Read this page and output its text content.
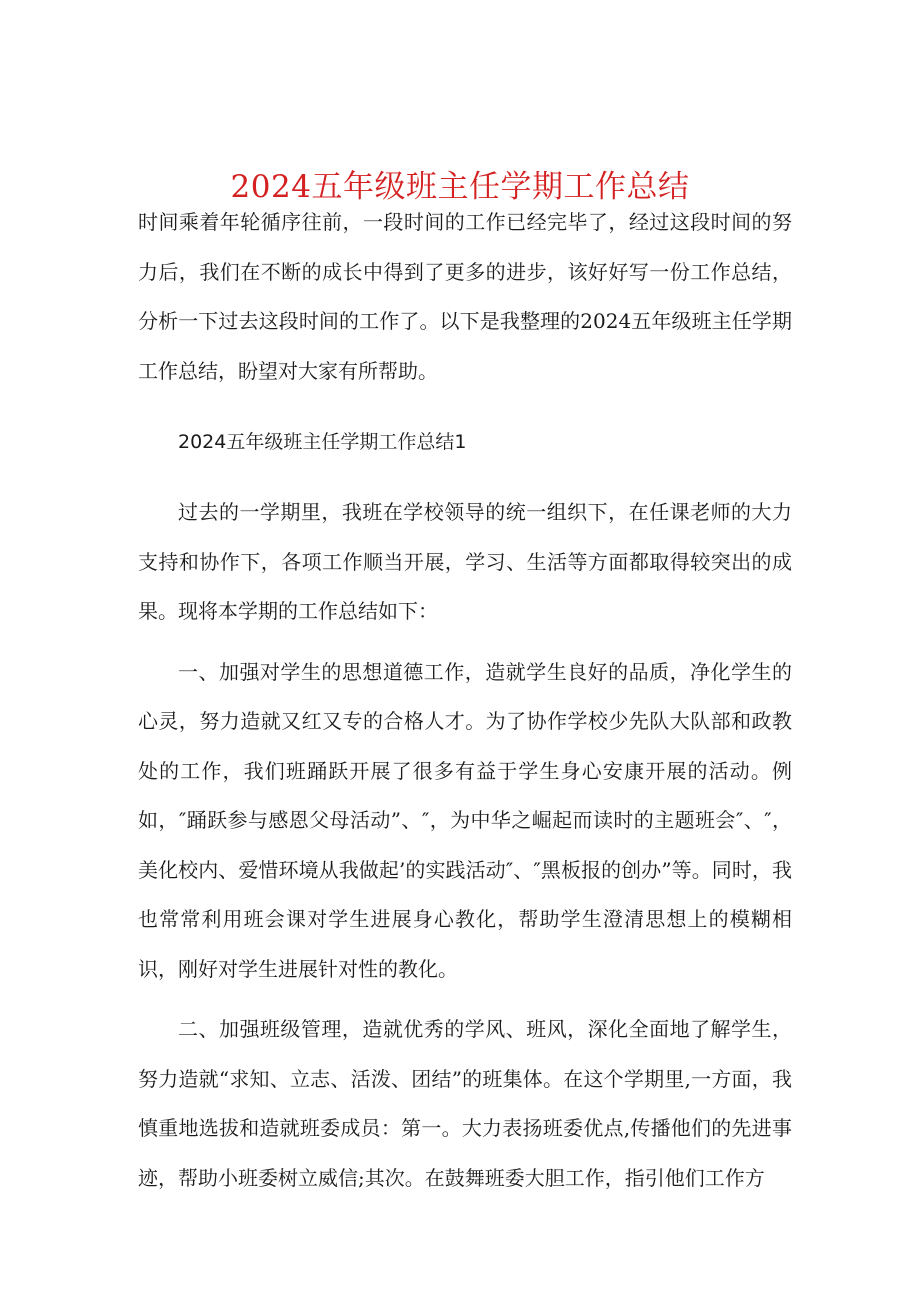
2024五年级班主任学期工作总结

时间乘着年轮循序往前，一段时间的工作已经完毕了，经过这段时间的努力后，我们在不断的成长中得到了更多的进步，该好好写一份工作总结，分析一下过去这段时间的工作了。以下是我整理的2024五年级班主任学期工作总结，盼望对大家有所帮助。

2024五年级班主任学期工作总结1

过去的一学期里，我班在学校领导的统一组织下，在任课老师的大力支持和协作下，各项工作顺当开展，学习、生活等方面都取得较突出的成果。现将本学期的工作总结如下：

一、加强对学生的思想道德工作，造就学生良好的品质，净化学生的心灵，努力造就又红又专的合格人才。为了协作学校少先队大队部和政教处的工作，我们班踊跃开展了很多有益于学生身心安康开展的活动。例如，″踊跃参与感恩父母活动”、″，为中华之崛起而读时的主题班会″、″，美化校内、爱惜环境从我做起’的实践活动″、″黑板报的创办”等。同时，我也常常利用班会课对学生进展身心教化，帮助学生澄清思想上的模糊相识，刚好对学生进展针对性的教化。

二、加强班级管理，造就优秀的学风、班风，深化全面地了解学生，努力造就“求知、立志、活泼、团结”的班集体。在这个学期里,一方面，我慎重地选拔和造就班委成员：第一。大力表扬班委优点,传播他们的先进事迹，帮助小班委树立威信;其次。在鼓舞班委大胆工作，指引他们工作方
